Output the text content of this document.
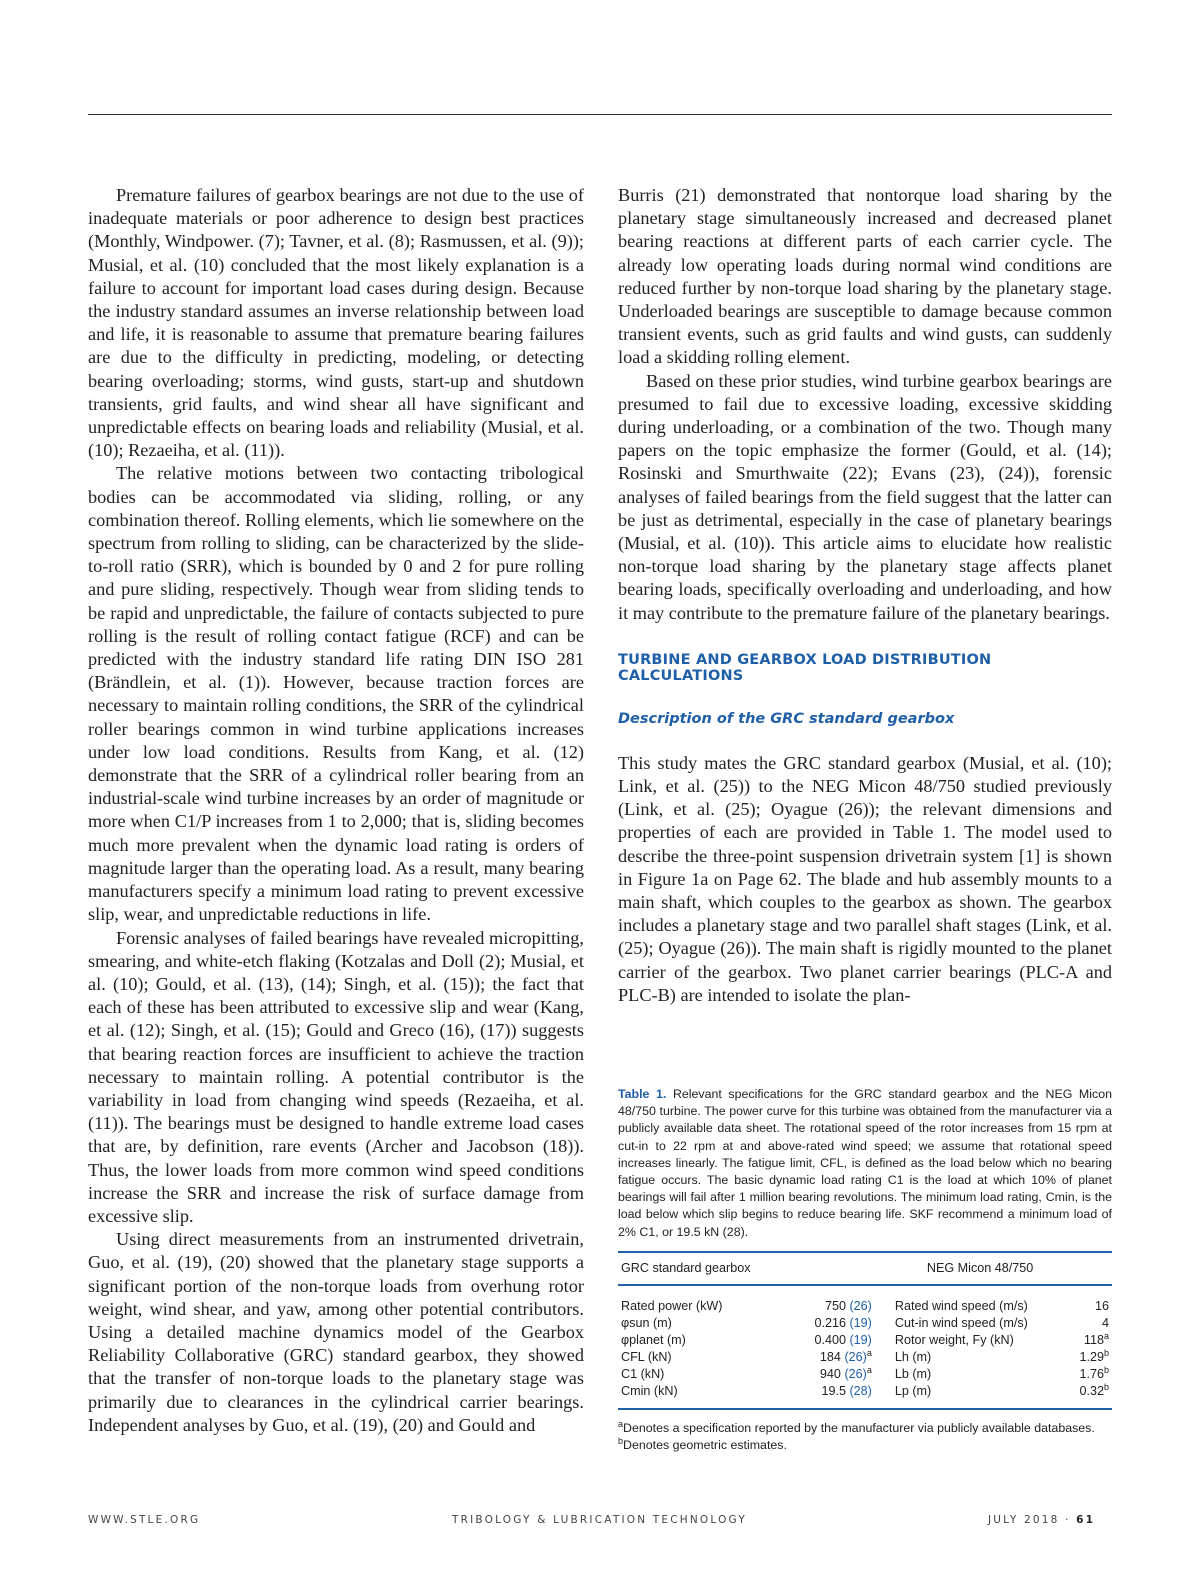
Premature failures of gearbox bearings are not due to the use of inadequate materials or poor adherence to design best practices (Monthly, Windpower. (7); Tavner, et al. (8); Rasmussen, et al. (9)); Musial, et al. (10) concluded that the most likely explanation is a failure to account for important load cases during design. Because the industry standard assumes an inverse relationship between load and life, it is reasonable to assume that premature bearing failures are due to the difficulty in predicting, modeling, or detecting bearing overloading; storms, wind gusts, start-up and shutdown transients, grid faults, and wind shear all have significant and unpredictable effects on bearing loads and reliability (Musial, et al. (10); Rezaeiha, et al. (11)).

The relative motions between two contacting tribological bodies can be accommodated via sliding, rolling, or any combination thereof. Rolling elements, which lie somewhere on the spectrum from rolling to sliding, can be characterized by the slide-to-roll ratio (SRR), which is bounded by 0 and 2 for pure rolling and pure sliding, respectively. Though wear from sliding tends to be rapid and unpredictable, the failure of contacts subjected to pure rolling is the result of rolling contact fatigue (RCF) and can be predicted with the industry standard life rating DIN ISO 281 (Brändlein, et al. (1)). However, because traction forces are necessary to maintain rolling conditions, the SRR of the cylindrical roller bearings common in wind turbine applications increases under low load conditions. Results from Kang, et al. (12) demonstrate that the SRR of a cylindrical roller bearing from an industrial-scale wind turbine increases by an order of magnitude or more when C1/P increases from 1 to 2,000; that is, sliding becomes much more prevalent when the dynamic load rating is orders of magnitude larger than the operating load. As a result, many bearing manufacturers specify a minimum load rating to prevent excessive slip, wear, and unpredictable reductions in life.

Forensic analyses of failed bearings have revealed micropitting, smearing, and white-etch flaking (Kotzalas and Doll (2); Musial, et al. (10); Gould, et al. (13), (14); Singh, et al. (15)); the fact that each of these has been attributed to excessive slip and wear (Kang, et al. (12); Singh, et al. (15); Gould and Greco (16), (17)) suggests that bearing reaction forces are insufficient to achieve the traction necessary to maintain rolling. A potential contributor is the variability in load from changing wind speeds (Rezaeiha, et al. (11)). The bearings must be designed to handle extreme load cases that are, by definition, rare events (Archer and Jacobson (18)). Thus, the lower loads from more common wind speed conditions increase the SRR and increase the risk of surface damage from excessive slip.

Using direct measurements from an instrumented drivetrain, Guo, et al. (19), (20) showed that the planetary stage supports a significant portion of the non-torque loads from overhung rotor weight, wind shear, and yaw, among other potential contributors. Using a detailed machine dynamics model of the Gearbox Reliability Collaborative (GRC) standard gearbox, they showed that the transfer of non-torque loads to the planetary stage was primarily due to clearances in the cylindrical carrier bearings. Independent analyses by Guo, et al. (19), (20) and Gould and

Burris (21) demonstrated that nontorque load sharing by the planetary stage simultaneously increased and decreased planet bearing reactions at different parts of each carrier cycle. The already low operating loads during normal wind conditions are reduced further by non-torque load sharing by the planetary stage. Underloaded bearings are susceptible to damage because common transient events, such as grid faults and wind gusts, can suddenly load a skidding rolling element.

Based on these prior studies, wind turbine gearbox bearings are presumed to fail due to excessive loading, excessive skidding during underloading, or a combination of the two. Though many papers on the topic emphasize the former (Gould, et al. (14); Rosinski and Smurthwaite (22); Evans (23), (24)), forensic analyses of failed bearings from the field suggest that the latter can be just as detrimental, especially in the case of planetary bearings (Musial, et al. (10)). This article aims to elucidate how realistic non-torque load sharing by the planetary stage affects planet bearing loads, specifically overloading and underloading, and how it may contribute to the premature failure of the planetary bearings.

TURBINE AND GEARBOX LOAD DISTRIBUTION CALCULATIONS
Description of the GRC standard gearbox

This study mates the GRC standard gearbox (Musial, et al. (10); Link, et al. (25)) to the NEG Micon 48/750 studied previously (Link, et al. (25); Oyague (26)); the relevant dimensions and properties of each are provided in Table 1. The model used to describe the three-point suspension drivetrain system [1] is shown in Figure 1a on Page 62. The blade and hub assembly mounts to a main shaft, which couples to the gearbox as shown. The gearbox includes a planetary stage and two parallel shaft stages (Link, et al. (25); Oyague (26)). The main shaft is rigidly mounted to the planet carrier of the gearbox. Two planet carrier bearings (PLC-A and PLC-B) are intended to isolate the plan-

Table 1. Relevant specifications for the GRC standard gearbox and the NEG Micon 48/750 turbine. The power curve for this turbine was obtained from the manufacturer via a publicly available data sheet. The rotational speed of the rotor increases from 15 rpm at cut-in to 22 rpm at and above-rated wind speed; we assume that rotational speed increases linearly. The fatigue limit, CFL, is defined as the load below which no bearing fatigue occurs. The basic dynamic load rating C1 is the load at which 10% of planet bearings will fail after 1 million bearing revolutions. The minimum load rating, Cmin, is the load below which slip begins to reduce bearing life. SKF recommend a minimum load of 2% C1, or 19.5 kN (28).

GRC standard gearbox		NEG Micon 48/750	
Rated power (kW)	750 (26)	Rated wind speed (m/s)	16
φsun (m)	0.216 (19)	Cut-in wind speed (m/s)	4
φplanet (m)	0.400 (19)	Rotor weight, Fy (kN)	118$^a$
CFL (kN)	184 $(26)^a$	Lh (m)	1.29$^b$
C1 (kN)	940 $(26)^a$	Lb (m)	1.76$^b$
Cmin (kN)	19.5 (28)	Lp (m)	0.32$^b$

$^a$Denotes a specification reported by the manufacturer via publicly available databases.

$^b$Denotes geometric estimates.

WWW.STLE.ORG	TRIBOLOGY & LUBRICATION TECHNOLOGY	JULY 2018 · 61
